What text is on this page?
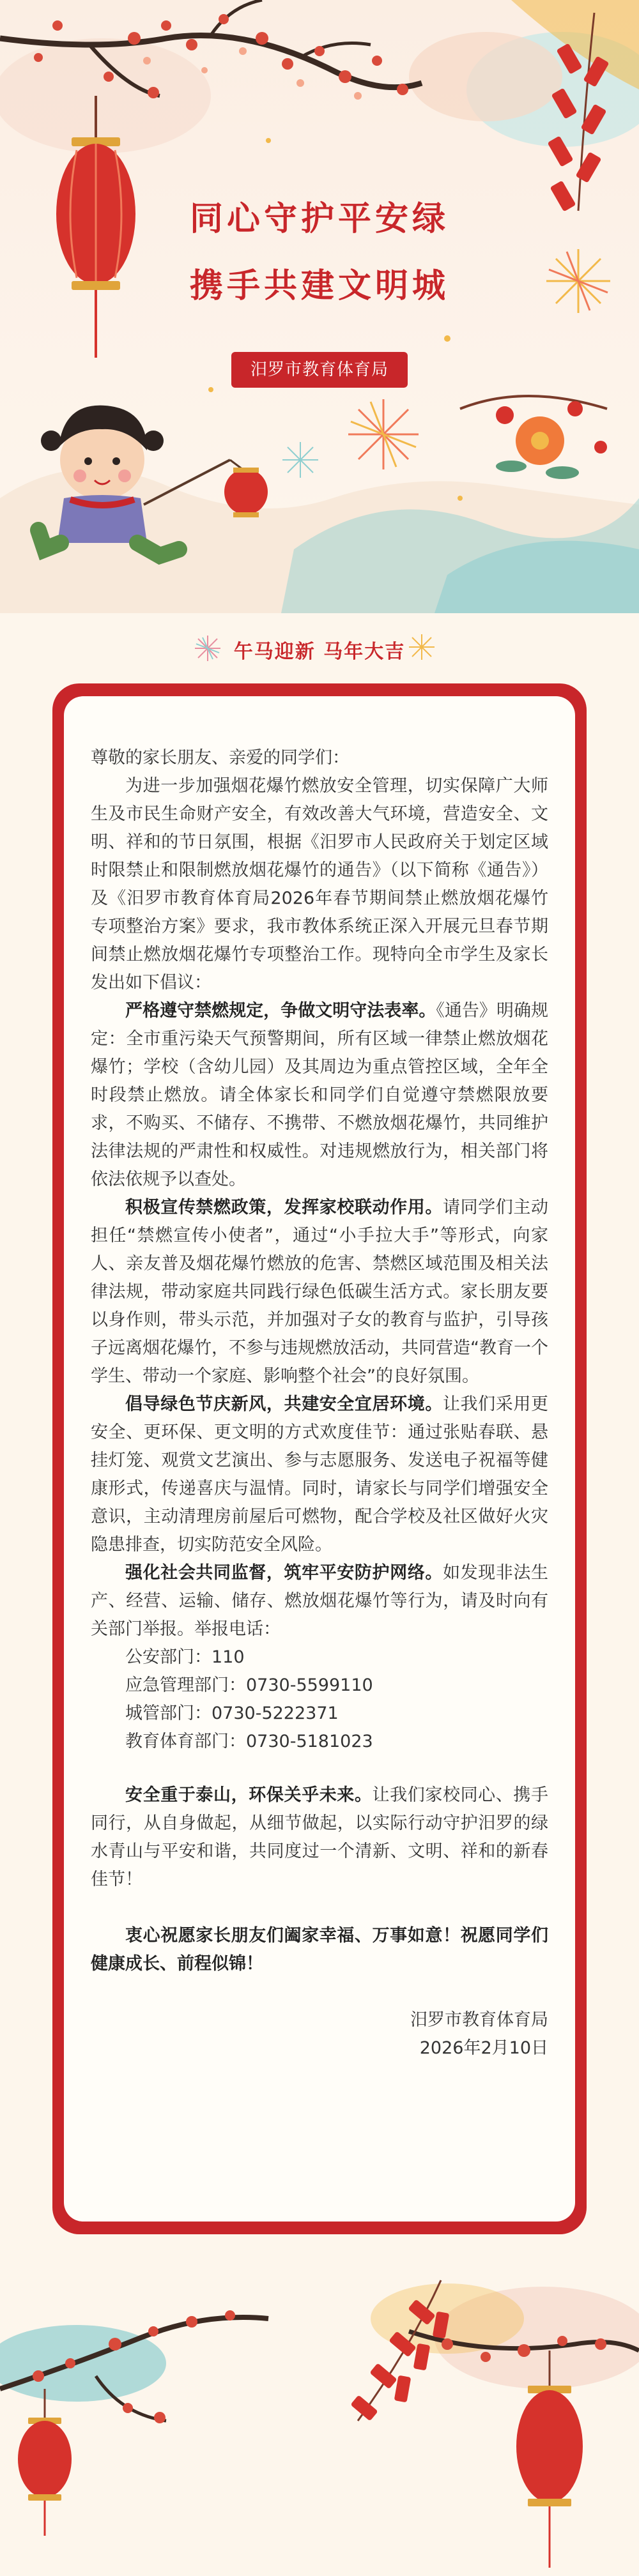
同心守护平安绿
携手共建文明城
汨罗市教育体育局
午马迎新 马年大吉

尊敬的家长朋友、亲爱的同学们：

为进一步加强烟花爆竹燃放安全管理，切实保障广大师生及市民生命财产安全，有效改善大气环境，营造安全、文明、祥和的节日氛围，根据《汨罗市人民政府关于划定区域时限禁止和限制燃放烟花爆竹的通告》（以下简称《通告》）及《汨罗市教育体育局2026年春节期间禁止燃放烟花爆竹专项整治方案》要求，我市教体系统正深入开展元旦春节期间禁止燃放烟花爆竹专项整治工作。现特向全市学生及家长发出如下倡议：

严格遵守禁燃规定，争做文明守法表率。《通告》明确规定：全市重污染天气预警期间，所有区域一律禁止燃放烟花爆竹；学校（含幼儿园）及其周边为重点管控区域，全年全时段禁止燃放。请全体家长和同学们自觉遵守禁燃限放要求，不购买、不储存、不携带、不燃放烟花爆竹，共同维护法律法规的严肃性和权威性。对违规燃放行为，相关部门将依法依规予以查处。

积极宣传禁燃政策，发挥家校联动作用。请同学们主动担任“禁燃宣传小使者”，通过“小手拉大手”等形式，向家人、亲友普及烟花爆竹燃放的危害、禁燃区域范围及相关法律法规，带动家庭共同践行绿色低碳生活方式。家长朋友要以身作则，带头示范，并加强对子女的教育与监护，引导孩子远离烟花爆竹，不参与违规燃放活动，共同营造“教育一个学生、带动一个家庭、影响整个社会”的良好氛围。

倡导绿色节庆新风，共建安全宜居环境。让我们采用更安全、更环保、更文明的方式欢度佳节：通过张贴春联、悬挂灯笼、观赏文艺演出、参与志愿服务、发送电子祝福等健康形式，传递喜庆与温情。同时，请家长与同学们增强安全意识，主动清理房前屋后可燃物，配合学校及社区做好火灾隐患排查，切实防范安全风险。

强化社会共同监督，筑牢平安防护网络。如发现非法生产、经营、运输、储存、燃放烟花爆竹等行为，请及时向有关部门举报。举报电话：

公安部门：110

应急管理部门：0730-5599110

城管部门：0730-5222371

教育体育部门：0730-5181023

安全重于泰山，环保关乎未来。让我们家校同心、携手同行，从自身做起，从细节做起，以实际行动守护汨罗的绿水青山与平安和谐，共同度过一个清新、文明、祥和的新春佳节！

衷心祝愿家长朋友们阖家幸福、万事如意！祝愿同学们健康成长、前程似锦！

汨罗市教育体育局

2026年2月10日
